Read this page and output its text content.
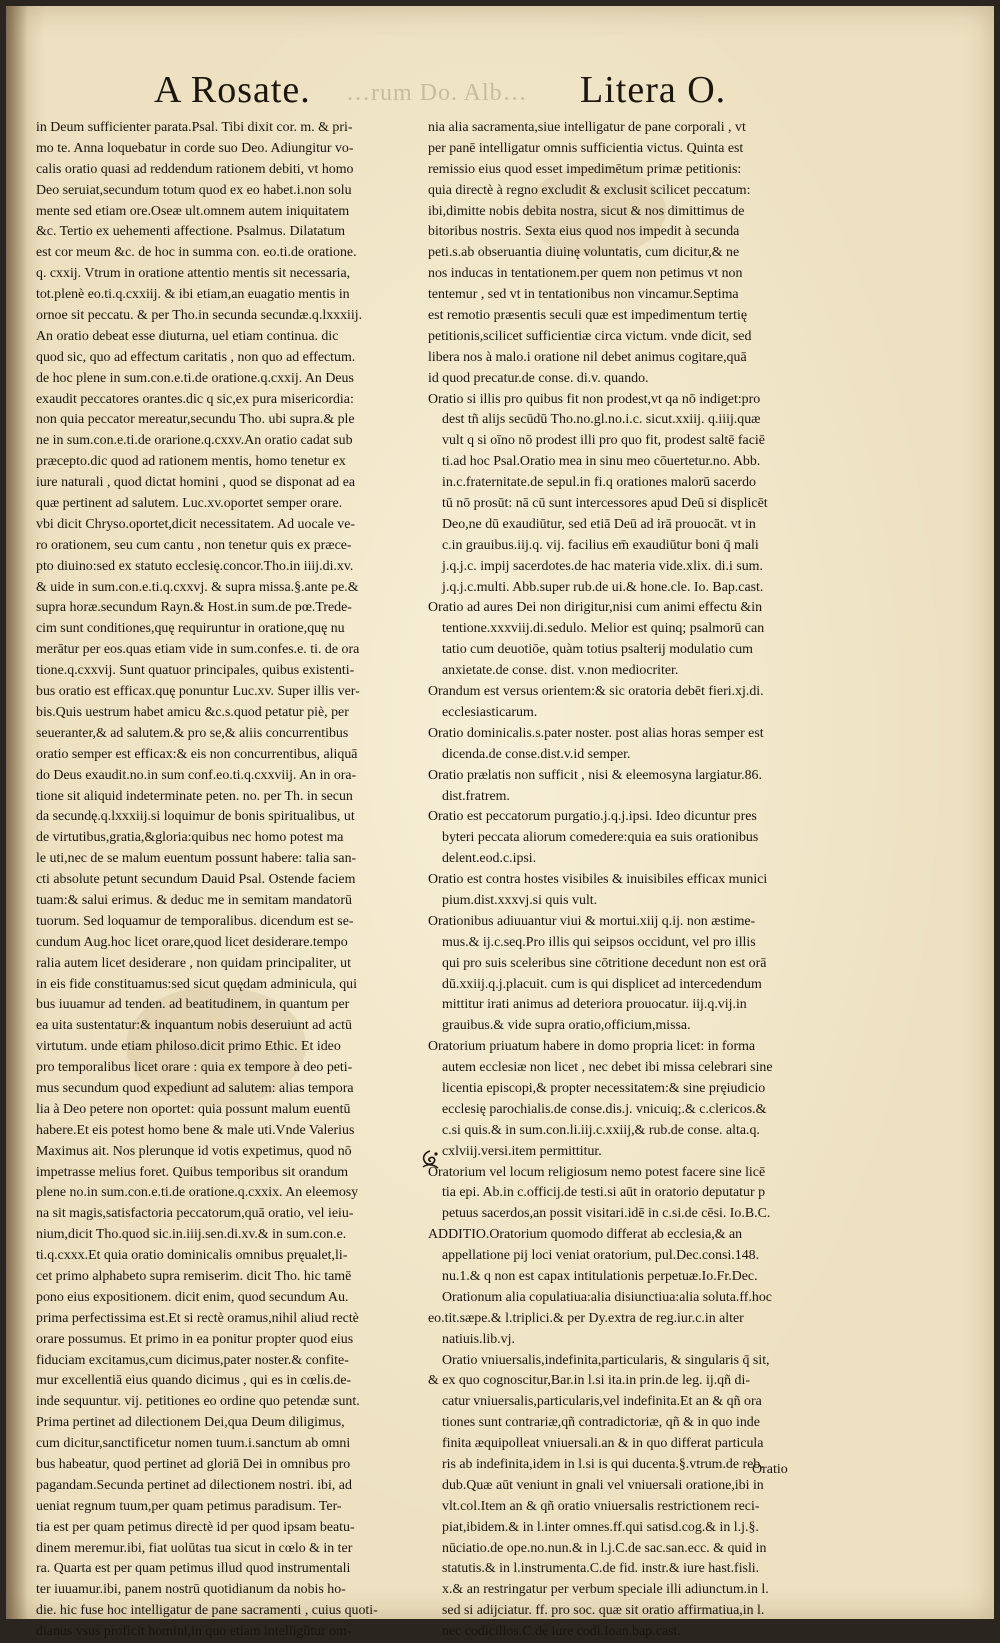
A Rosate. …rum Do. Alb… Litera O.
in Deum sufficienter parata.Psal. Tibi dixit cor. m. & pri-
mo te. Anna loquebatur in corde suo Deo. Adiungitur vo-
calis oratio quasi ad reddendum rationem debiti, vt homo
Deo seruiat,secundum totum quod ex eo habet.i.non solu
mente sed etiam ore.Oseæ ult.omnem autem iniquitatem
&c. Tertio ex uehementi affectione. Psalmus. Dilatatum
est cor meum &c. de hoc in summa con. eo.ti.de oratione.
q. cxxij. Vtrum in oratione attentio mentis sit necessaria,
tot.plenè eo.ti.q.cxxiij. & ibi etiam,an euagatio mentis in
ornoe sit peccatu. & per Tho.in secunda secundæ.q.lxxxiij.
An oratio debeat esse diuturna, uel etiam continua. dic
quod sic, quo ad effectum caritatis , non quo ad effectum.
de hoc plene in sum.con.e.ti.de oratione.q.cxxij. An Deus
exaudit peccatores orantes.dic q sic,ex pura misericordia:
non quia peccator mereatur,secundu Tho. ubi supra.& ple
ne in sum.con.e.ti.de orarione.q.cxxv.An oratio cadat sub
præcepto.dic quod ad rationem mentis, homo tenetur ex
iure naturali , quod dictat homini , quod se disponat ad ea
quæ pertinent ad salutem. Luc.xv.oportet semper orare.
vbi dicit Chryso.oportet,dicit necessitatem. Ad uocale ve-
ro orationem, seu cum cantu , non tenetur quis ex præce-
pto diuino:sed ex statuto ecclesię.concor.Tho.in iiij.di.xv.
& uide in sum.con.e.ti.q.cxxvj. & supra missa.§.ante pe.&
supra horæ.secundum Rayn.& Host.in sum.de pœ.Trede-
cim sunt conditiones,quę requiruntur in oratione,quę nu
merātur per eos.quas etiam vide in sum.confes.e. ti. de ora
tione.q.cxxvij. Sunt quatuor principales, quibus existenti-
bus oratio est efficax.quę ponuntur Luc.xv. Super illis ver-
bis.Quis uestrum habet amicu &c.s.quod petatur piè, per
seueranter,& ad salutem.& pro se,& aliis concurrentibus
oratio semper est efficax:& eis non concurrentibus, aliquā
do Deus exaudit.no.in sum conf.eo.ti.q.cxxviij. An in ora-
tione sit aliquid indeterminate peten. no. per Th. in secun
da secundę.q.lxxxiij.si loquimur de bonis spiritualibus, ut
de virtutibus,gratia,&gloria:quibus nec homo potest ma
le uti,nec de se malum euentum possunt habere: talia san-
cti absolute petunt secundum Dauid Psal. Ostende faciem
tuam:& salui erimus. & deduc me in semitam mandatorū
tuorum. Sed loquamur de temporalibus. dicendum est se-
cundum Aug.hoc licet orare,quod licet desiderare.tempo
ralia autem licet desiderare , non quidam principaliter, ut
in eis fide constituamus:sed sicut quędam adminicula, qui
bus iuuamur ad tenden. ad beatitudinem, in quantum per
ea uita sustentatur:& inquantum nobis deseruiunt ad actū
virtutum. unde etiam philoso.dicit primo Ethic. Et ideo
pro temporalibus licet orare : quia ex tempore à deo peti-
mus secundum quod expediunt ad salutem: alias tempora
lia à Deo petere non oportet: quia possunt malum euentū
habere.Et eis potest homo bene & male uti.Vnde Valerius
Maximus ait. Nos plerunque id votis expetimus, quod nō
impetrasse melius foret. Quibus temporibus sit orandum
plene no.in sum.con.e.ti.de oratione.q.cxxix. An eleemosy
na sit magis,satisfactoria peccatorum,quā oratio, vel ieiu-
nium,dicit Tho.quod sic.in.iiij.sen.di.xv.& in sum.con.e.
ti.q.cxxx.Et quia oratio dominicalis omnibus pręualet,li-
cet primo alphabeto supra remiserim. dicit Tho. hic tamē
pono eius expositionem. dicit enim, quod secundum Au.
prima perfectissima est.Et si rectè oramus,nihil aliud rectè
orare possumus. Et primo in ea ponitur propter quod eius
fiduciam excitamus,cum dicimus,pater noster.& confite-
mur excellentiā eius quando dicimus , qui es in cœlis.de-
inde sequuntur. vij. petitiones eo ordine quo petendæ sunt.
Prima pertinet ad dilectionem Dei,qua Deum diligimus,
cum dicitur,sanctificetur nomen tuum.i.sanctum ab omni
bus habeatur, quod pertinet ad gloriā Dei in omnibus pro
pagandam.Secunda pertinet ad dilectionem nostri. ibi, ad
ueniat regnum tuum,per quam petimus paradisum. Ter-
tia est per quam petimus directè id per quod ipsam beatu-
dinem meremur.ibi, fiat uolūtas tua sicut in cœlo & in ter
ra. Quarta est per quam petimus illud quod instrumentali
ter iuuamur.ibi, panem nostrū quotidianum da nobis ho-
die. hic fuse hoc intelligatur de pane sacramenti , cuius quoti-
dianus vsus proficit homini,in quo etiam intelligūtur om-
nia alia sacramenta,siue intelligatur de pane corporali , vt
per panē intelligatur omnis sufficientia victus. Quinta est
remissio eius quod esset impedimētum primæ petitionis:
quia directè à regno excludit & exclusit scilicet peccatum:
ibi,dimitte nobis debita nostra, sicut & nos dimittimus de
bitoribus nostris. Sexta eius quod nos impedit à secunda
peti.s.ab obseruantia diuinę voluntatis, cum dicitur,& ne
nos inducas in tentationem.per quem non petimus vt non
tentemur , sed vt in tentationibus non vincamur.Septima
est remotio præsentis seculi quæ est impedimentum tertię
petitionis,scilicet sufficientiæ circa victum. vnde dicit, sed
libera nos à malo.i oratione nil debet animus cogitare,quā
id quod precatur.de conse. di.v. quando.
Oratio si illis pro quibus fit non prodest,vt qa nō indiget:pro
dest tñ alijs secūdū Tho.no.gl.no.i.c. sicut.xxiij. q.iiij.quæ
vult q si oīno nō prodest illi pro quo fit, prodest saltē faciē
ti.ad hoc Psal.Oratio mea in sinu meo cōuertetur.no. Abb.
in.c.fraternitate.de sepul.in fi.q orationes malorū sacerdo
tū nō prosūt: nā cū sunt intercessores apud Deū si displicēt
Deo,ne dū exaudiūtur, sed etiā Deū ad irā prouocāt. vt in
c.in grauibus.iij.q. vij. facilius em̄ exaudiūtur boni q̄ mali
j.q.j.c. impij sacerdotes.de hac materia vide.xlix. di.i sum.
j.q.j.c.multi. Abb.super rub.de ui.& hone.cle. Io. Bap.cast.
Oratio ad aures Dei non dirigitur,nisi cum animi effectu &in
tentione.xxxviij.di.sedulo. Melior est quinq; psalmorū can
tatio cum deuotiōe, quàm totius psalterij modulatio cum
anxietate.de conse. dist. v.non mediocriter.
Orandum est versus orientem:& sic oratoria debēt fieri.xj.di.
ecclesiasticarum.
Oratio dominicalis.s.pater noster. post alias horas semper est
dicenda.de conse.dist.v.id semper.
Oratio prælatis non sufficit , nisi & eleemosyna largiatur.86.
dist.fratrem.
Oratio est peccatorum purgatio.j.q.j.ipsi. Ideo dicuntur pres
byteri peccata aliorum comedere:quia ea suis orationibus
delent.eod.c.ipsi.
Oratio est contra hostes visibiles & inuisibiles efficax munici
pium.dist.xxxvj.si quis vult.
Orationibus adiuuantur viui & mortui.xiij q.ij. non æstime-
mus.& ij.c.seq.Pro illis qui seipsos occidunt, vel pro illis
qui pro suis sceleribus sine cōtritione decedunt non est orā
dū.xxiij.q.j.placuit. cum is qui displicet ad intercedendum
mittitur irati animus ad deteriora prouocatur. iij.q.vij.in
grauibus.& vide supra oratio,officium,missa.
Oratorium priuatum habere in domo propria licet: in forma
autem ecclesiæ non licet , nec debet ibi missa celebrari sine
licentia episcopi,& propter necessitatem:& sine pręiudicio
ecclesię parochialis.de conse.dis.j. vnicuiq;.& c.clericos.&
c.si quis.& in sum.con.li.iij.c.xxiij,& rub.de conse. alta.q.
cxlviij.versi.item permittitur.
Oratorium vel locum religiosum nemo potest facere sine licē
tia epi. Ab.in c.officij.de testi.si aūt in oratorio deputatur p
petuus sacerdos,an possit visitari.idē in c.si.de cēsi. Io.B.C.
ADDITIO.Oratorium quomodo differat ab ecclesia,& an
appellatione pij loci veniat oratorium, pul.Dec.consi.148.
nu.1.& q non est capax intitulationis perpetuæ.Io.Fr.Dec.
Orationum alia copulatiua:alia disiunctiua:alia soluta.ff.hoc
eo.tit.sæpe.& l.triplici.& per Dy.extra de reg.iur.c.in alter
natiuis.lib.vj.
Oratio vniuersalis,indefinita,particularis, & singularis q̄ sit,
& ex quo cognoscitur,Bar.in l.si ita.in prin.de leg. ij.qñ di-
catur vniuersalis,particularis,vel indefinita.Et an & qñ ora
tiones sunt contrariæ,qñ contradictoriæ, qñ & in quo inde
finita æquipolleat vniuersali.an & in quo differat particula
ris ab indefinita,idem in l.si is qui ducenta.§.vtrum.de reb.
dub.Quæ aūt veniunt in gnali vel vniuersali oratione,ibi in
vlt.col.Item an & qñ oratio vniuersalis restrictionem reci-
piat,ibidem.& in l.inter omnes.ff.qui satisd.cog.& in l.j.§.
nūciatio.de ope.no.nun.& in l.j.C.de sac.san.ecc. & quid in
statutis.& in l.instrumenta.C.de fid. instr.& iure hast.fisli.
x.& an restringatur per verbum speciale illi adiunctum.in l.
sed si adijciatur. ff. pro soc. quæ sit oratio affirmatiua,in l.
nec codicillos.C.de iure codi.Ioan.bap.cast.
Oratio
